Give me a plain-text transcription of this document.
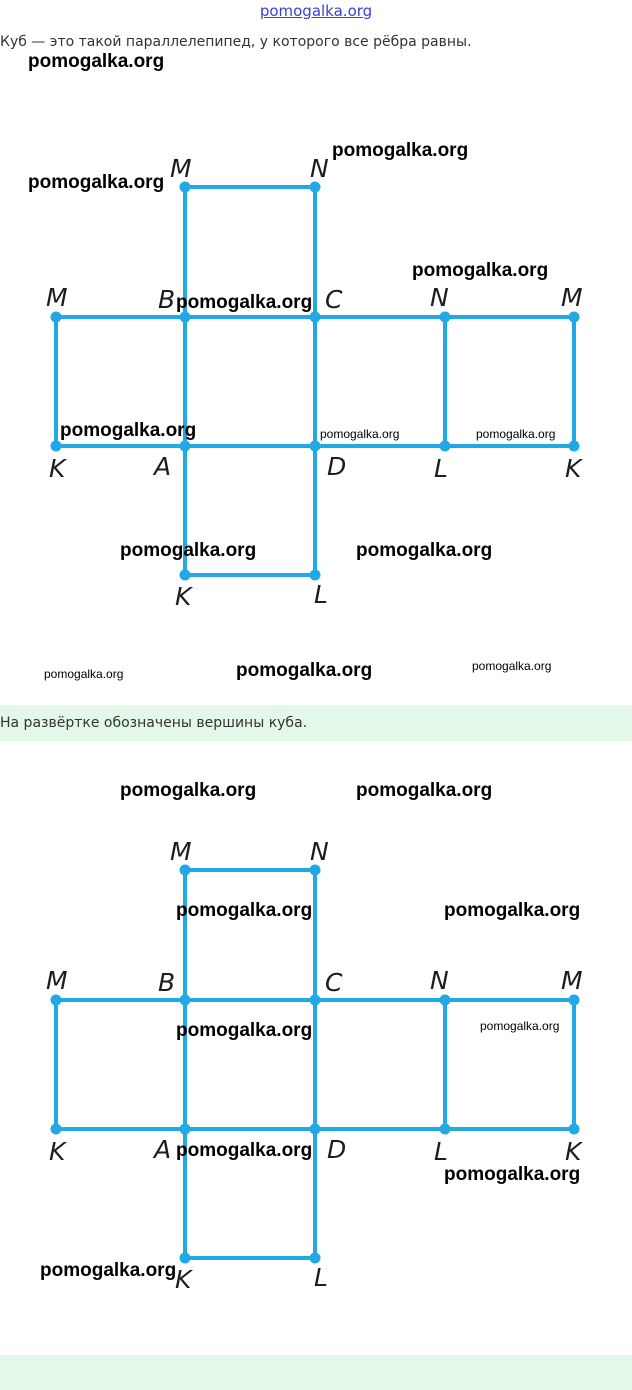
pomogalka.org
Куб — это такой параллелепипед, у которого все рёбра равны.
M	N
M	B	C	N	M
K	A	D	L	K
K	L
На развёртке обозначены вершины куба.
M	N
M	B	C	N	M
K	A	D	L	K
K	L
pomogalka.org
pomogalka.org
pomogalka.org
pomogalka.org
pomogalka.org
pomogalka.org	pomogalka.org	pomogalka.org
pomogalka.org	pomogalka.org
pomogalka.org	pomogalka.org	pomogalka.org
pomogalka.org	pomogalka.org
pomogalka.org	pomogalka.org
pomogalka.org	pomogalka.org
pomogalka.org
pomogalka.org
pomogalka.org
